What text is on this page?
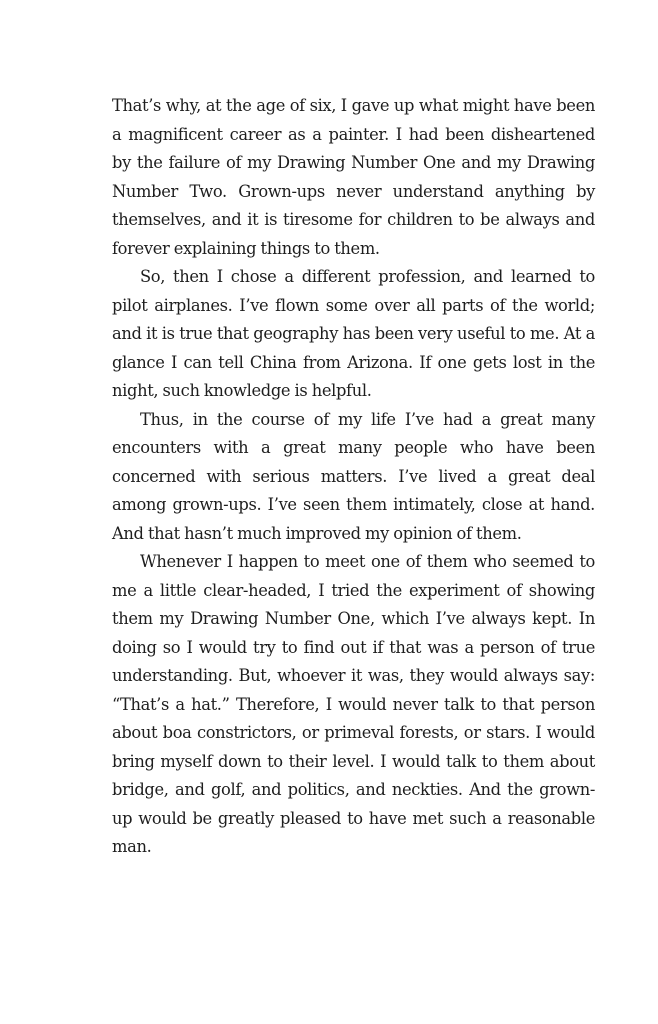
That’s why, at the age of six, I gave up what might have been a magnificent career as a painter. I had been disheartened by the failure of my Drawing Number One and my Drawing Number Two. Grown-ups never understand anything by themselves, and it is tiresome for children to be always and forever explaining things to them.

So, then I chose a different profession, and learned to pilot airplanes. I’ve flown some over all parts of the world; and it is true that geography has been very useful to me. At a glance I can tell China from Arizona. If one gets lost in the night, such knowledge is helpful.

Thus, in the course of my life I’ve had a great many encounters with a great many people who have been concerned with serious matters. I’ve lived a great deal among grown-ups. I’ve seen them intimately, close at hand. And that hasn’t much improved my opinion of them.

Whenever I happen to meet one of them who seemed to me a little clear-headed, I tried the experiment of showing them my Drawing Number One, which I’ve always kept. In doing so I would try to find out if that was a person of true understanding. But, whoever it was, they would always say: “That’s a hat.” Therefore, I would never talk to that person about boa constrictors, or primeval forests, or stars. I would bring myself down to their level. I would talk to them about bridge, and golf, and politics, and neckties. And the grown-up would be greatly pleased to have met such a reasonable man.
